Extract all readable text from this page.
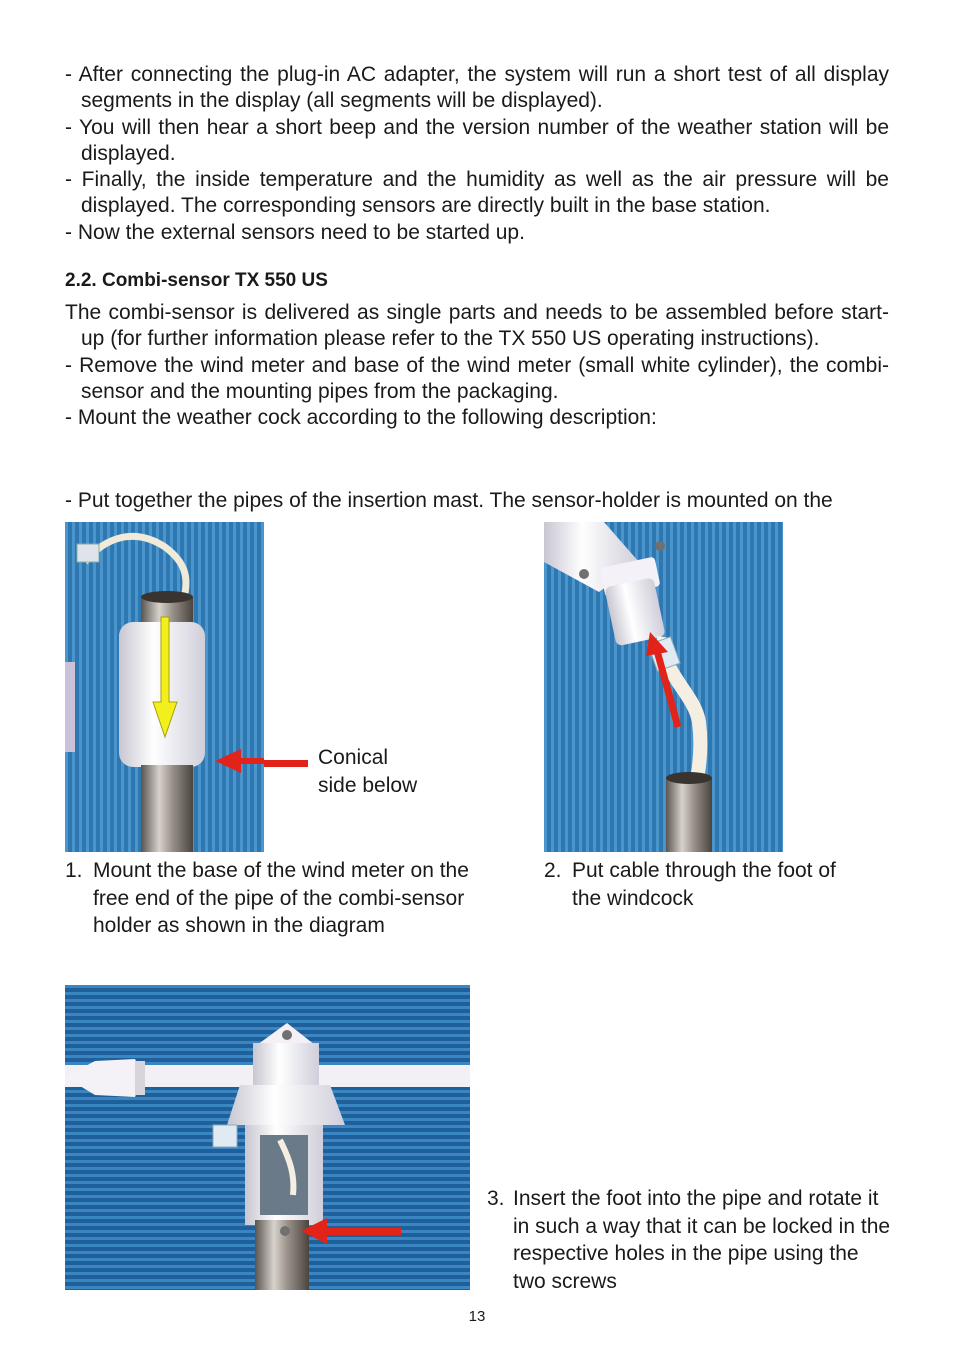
- After connecting the plug-in AC adapter, the system will run a short test of all display segments in the display (all segments will be displayed).
- You will then hear a short beep and the version number of the weather station will be displayed.
- Finally, the inside temperature and the humidity as well as the air pressure will be displayed. The corresponding sensors are directly built in the base station.
- Now the external sensors need to be started up.
2.2. Combi-sensor TX 550 US
The combi-sensor is delivered as single parts and needs to be assembled before start-up (for further information please refer to the TX 550 US operating instructions).
- Remove the wind meter and base of the wind meter (small white cylinder), the combi-sensor and the mounting pipes from the packaging.
- Mount the weather cock according to the following description:
- Put together the pipes of the insertion mast. The sensor-holder is mounted on the
Conical
side below
1. Mount the base of the wind meter on the free end of the pipe of the combi-sensor holder as shown in the diagram
2. Put cable through the foot of the windcock
3. Insert the foot into the pipe and rotate it in such a way that it can be locked in the respective holes in the pipe using the two screws
13
